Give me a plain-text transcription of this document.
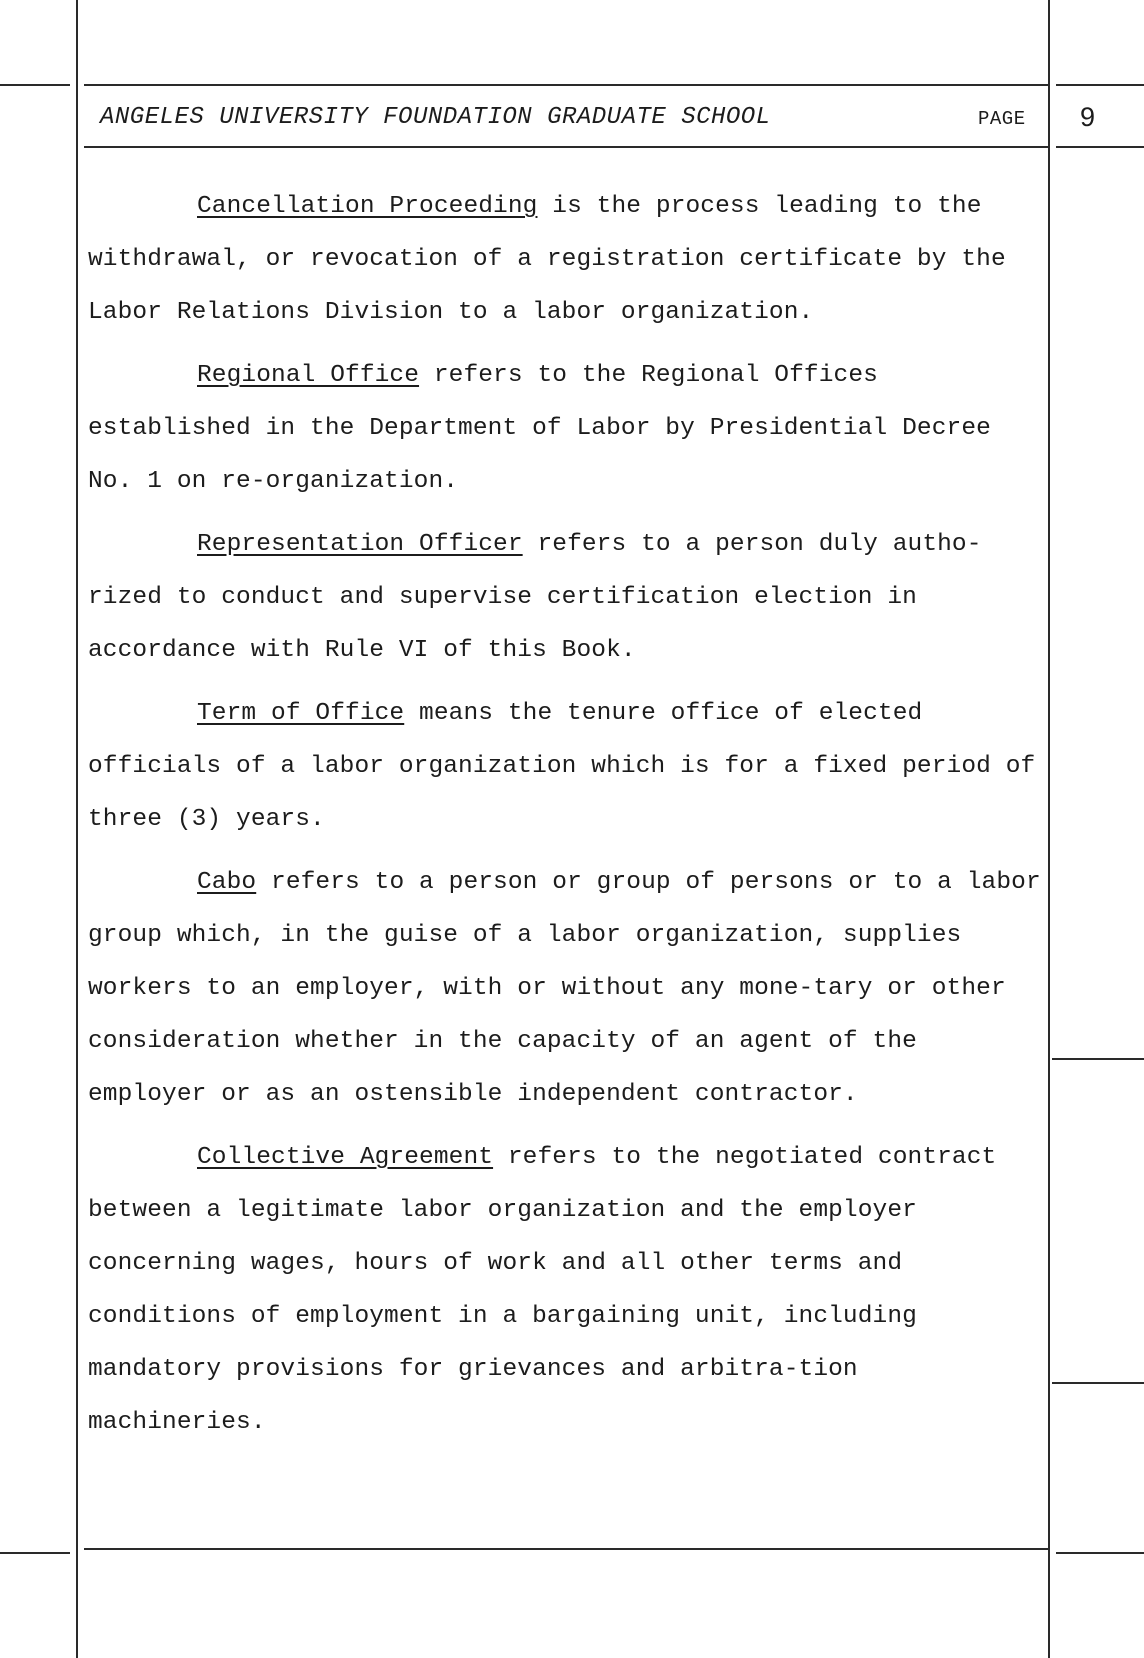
ANGELES UNIVERSITY FOUNDATION GRADUATE SCHOOL	PAGE 9

Cancellation Proceeding is the process leading to the withdrawal, or revocation of a registration certificate by the Labor Relations Division to a labor organization.

Regional Office refers to the Regional Offices established in the Department of Labor by Presidential Decree No. 1 on re-organization.

Representation Officer refers to a person duly autho-rized to conduct and supervise certification election in accordance with Rule VI of this Book.

Term of Office means the tenure office of elected officials of a labor organization which is for a fixed period of three (3) years.

Cabo refers to a person or group of persons or to a labor group which, in the guise of a labor organization, supplies workers to an employer, with or without any mone-tary or other consideration whether in the capacity of an agent of the employer or as an ostensible independent contractor.

Collective Agreement refers to the negotiated contract between a legitimate labor organization and the employer concerning wages, hours of work and all other terms and conditions of employment in a bargaining unit, including mandatory provisions for grievances and arbitra-tion machineries.
